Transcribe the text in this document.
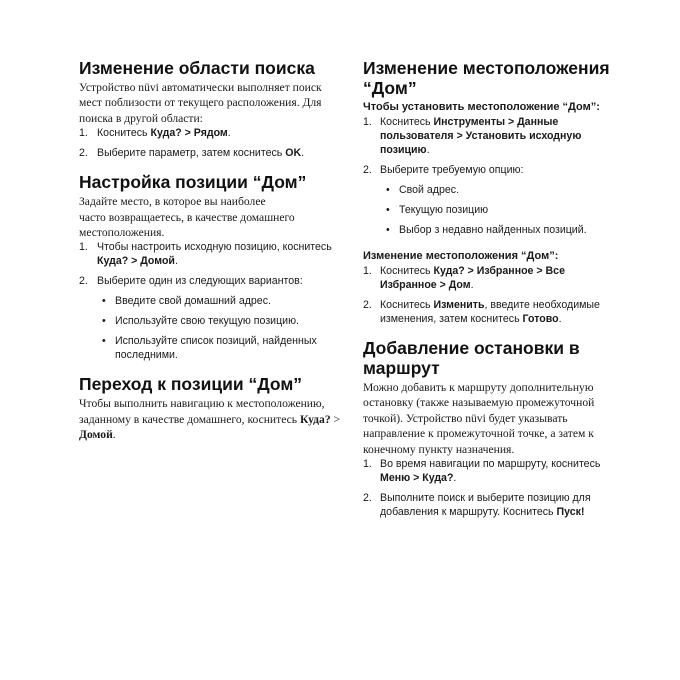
Изменение области поиска

Устройство nüvi автоматически выполняет поиск мест поблизости от текущего расположения. Для поиска в другой области:

1. Коснитесь Куда? > Рядом.
2. Выберите параметр, затем коснитесь OK.
Настройка позиции “Дом”

Задайте место, в которое вы наиболее
часто возвращаетесь, в качестве домашнего
местоположения.

1. Чтобы настроить исходную позицию, коснитесь Куда? > Домой.
2. Выберите один из следующих вариантов:
• Введите свой домашний адрес.
• Используйте свою текущую позицию.
• Используйте список позиций, найденных последними.
Переход к позиции “Дом”

Чтобы выполнить навигацию к местоположению, заданному в качестве домашнего, коснитесь Куда? > Домой.

Изменение местоположения “Дом”
Чтобы установить местоположение “Дом”:
1. Коснитесь Инструменты > Данные пользователя > Установить исходную позицию.
2. Выберите требуемую опцию:
• Свой адрес.
• Текущую позицию
• Выбор з недавно найденных позиций.
Изменение местоположения “Дом”:
1. Коснитесь Куда? > Избранное > Все Избранное > Дом.
2. Коснитесь Изменить, введите необходимые изменения, затем коснитесь Готово.
Добавление остановки в маршрут

Можно добавить к маршруту дополнительную остановку (также называемую промежуточной точкой). Устройство nüvi будет указывать направление к промежуточной точке, а затем к конечному пункту назначения.

1. Во время навигации по маршруту, коснитесь Меню > Куда?.
2. Выполните поиск и выберите позицию для добавления к маршруту. Коснитесь Пуск!
